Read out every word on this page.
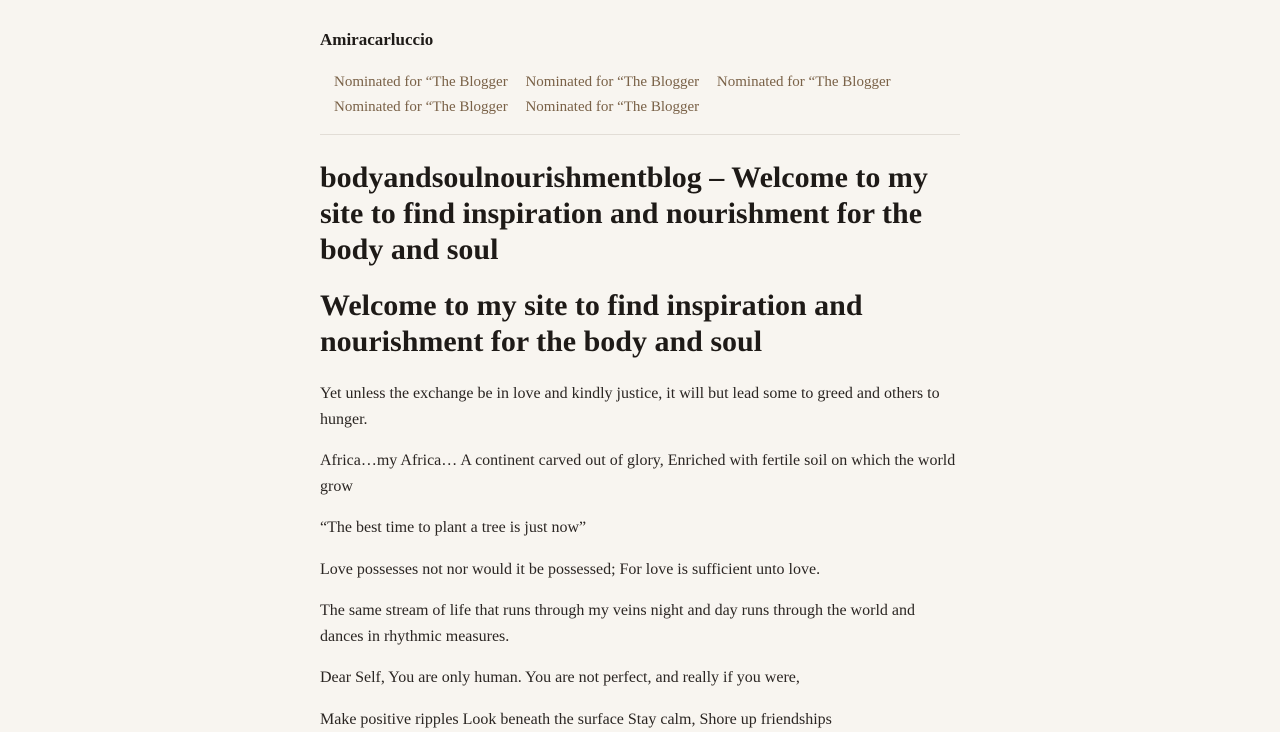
Amiracarluccio
Nominated for “The Blogger Nominated for “The Blogger Nominated for “The Blogger Nominated for “The Blogger Nominated for “The Blogger
bodyandsoulnourishmentblog – Welcome to my site to find inspiration and nourishment for the body and soul
Welcome to my site to find inspiration and nourishment for the body and soul

Yet unless the exchange be in love and kindly justice, it will but lead some to greed and others to hunger.

Africa…my Africa… A continent carved out of glory, Enriched with fertile soil on which the world grow

“The best time to plant a tree is just now”

Love possesses not nor would it be possessed; For love is sufficient unto love.

The same stream of life that runs through my veins night and day runs through the world and dances in rhythmic measures.

Dear Self, You are only human. You are not perfect, and really if you were,

Make positive ripples Look beneath the surface Stay calm, Shore up friendships
